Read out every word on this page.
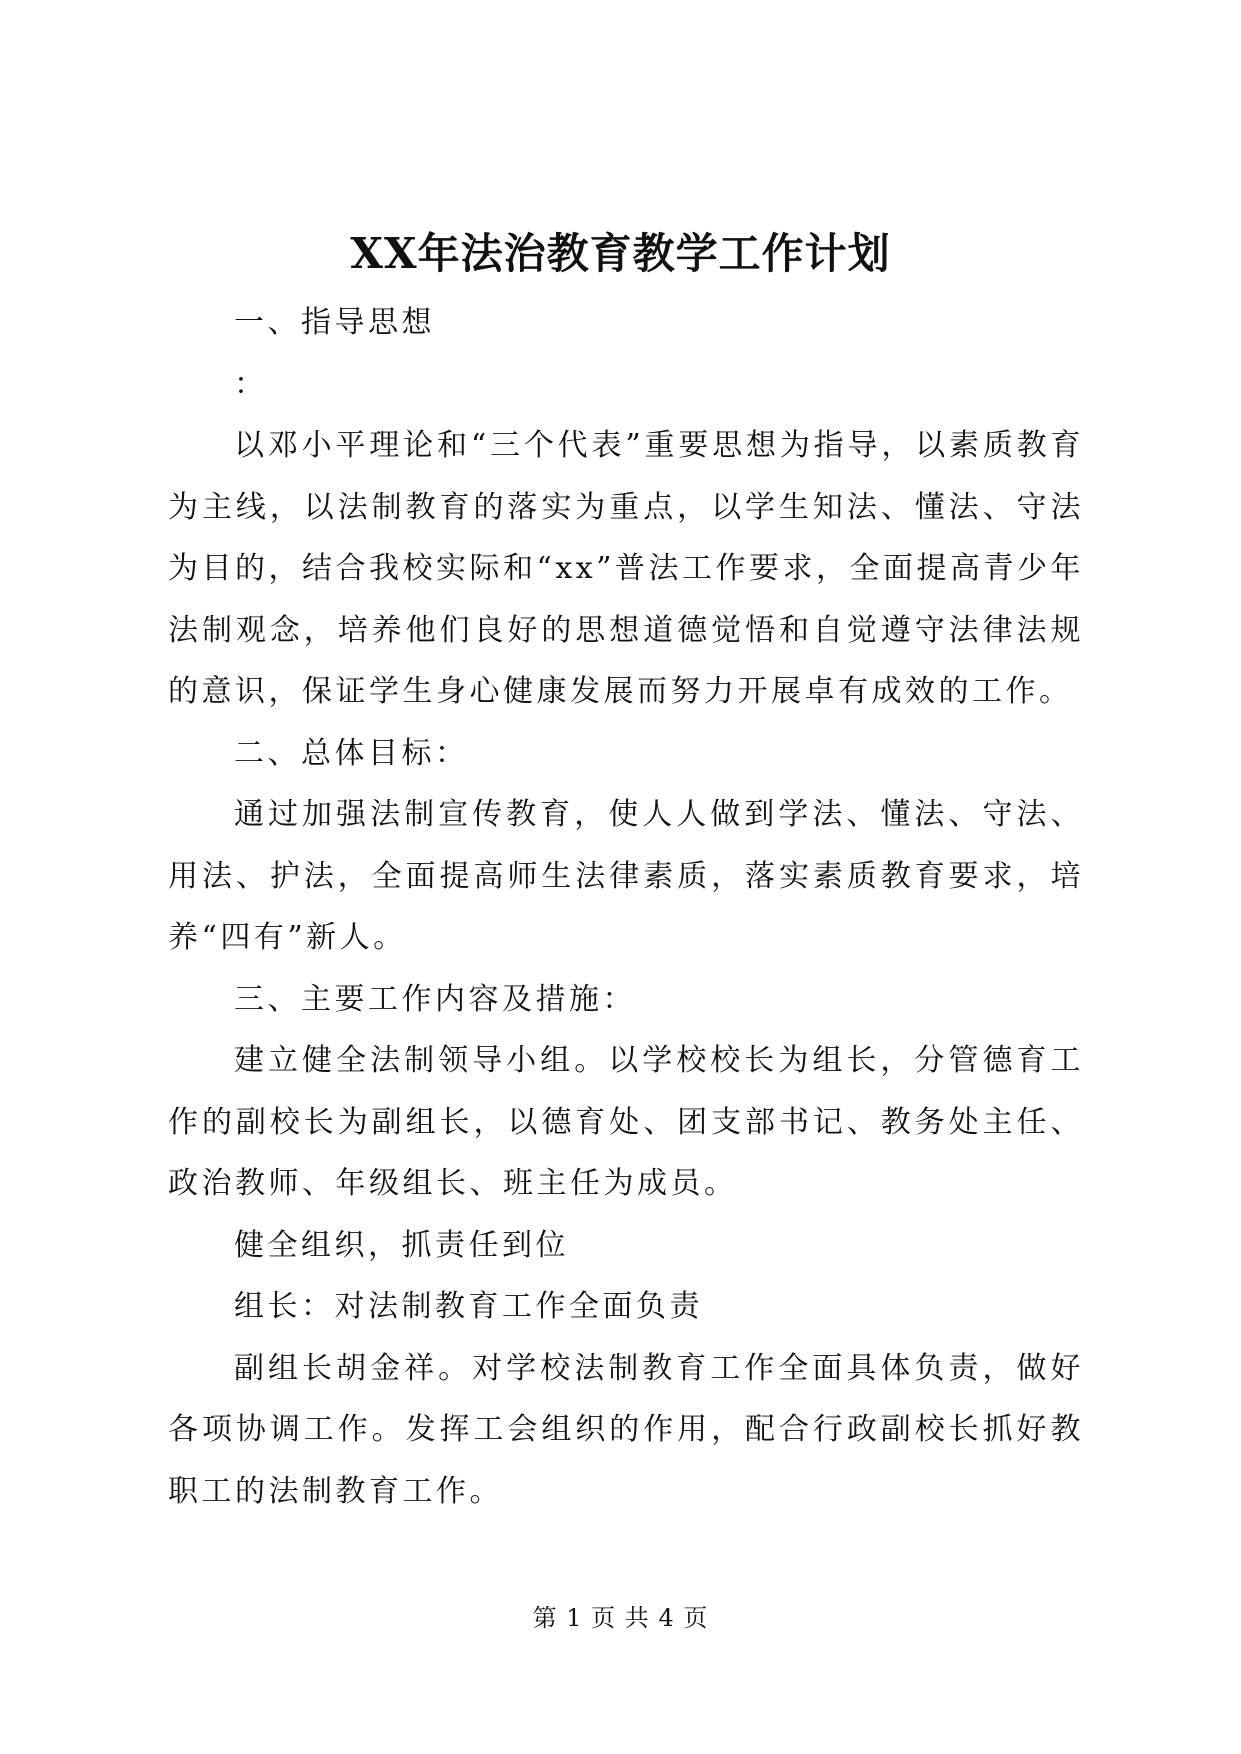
XX年法治教育教学工作计划

一、指导思想

：

以邓小平理论和“三个代表”重要思想为指导，以素质教育为主线，以法制教育的落实为重点，以学生知法、懂法、守法为目的，结合我校实际和“xx”普法工作要求，全面提高青少年法制观念，培养他们良好的思想道德觉悟和自觉遵守法律法规的意识，保证学生身心健康发展而努力开展卓有成效的工作。

二、总体目标：

通过加强法制宣传教育，使人人做到学法、懂法、守法、用法、护法，全面提高师生法律素质，落实素质教育要求，培养“四有”新人。

三、主要工作内容及措施：

建立健全法制领导小组。以学校校长为组长，分管德育工作的副校长为副组长，以德育处、团支部书记、教务处主任、政治教师、年级组长、班主任为成员。

健全组织，抓责任到位

组长：对法制教育工作全面负责

副组长胡金祥。对学校法制教育工作全面具体负责，做好各项协调工作。发挥工会组织的作用，配合行政副校长抓好教职工的法制教育工作。

第 1 页 共 4 页
